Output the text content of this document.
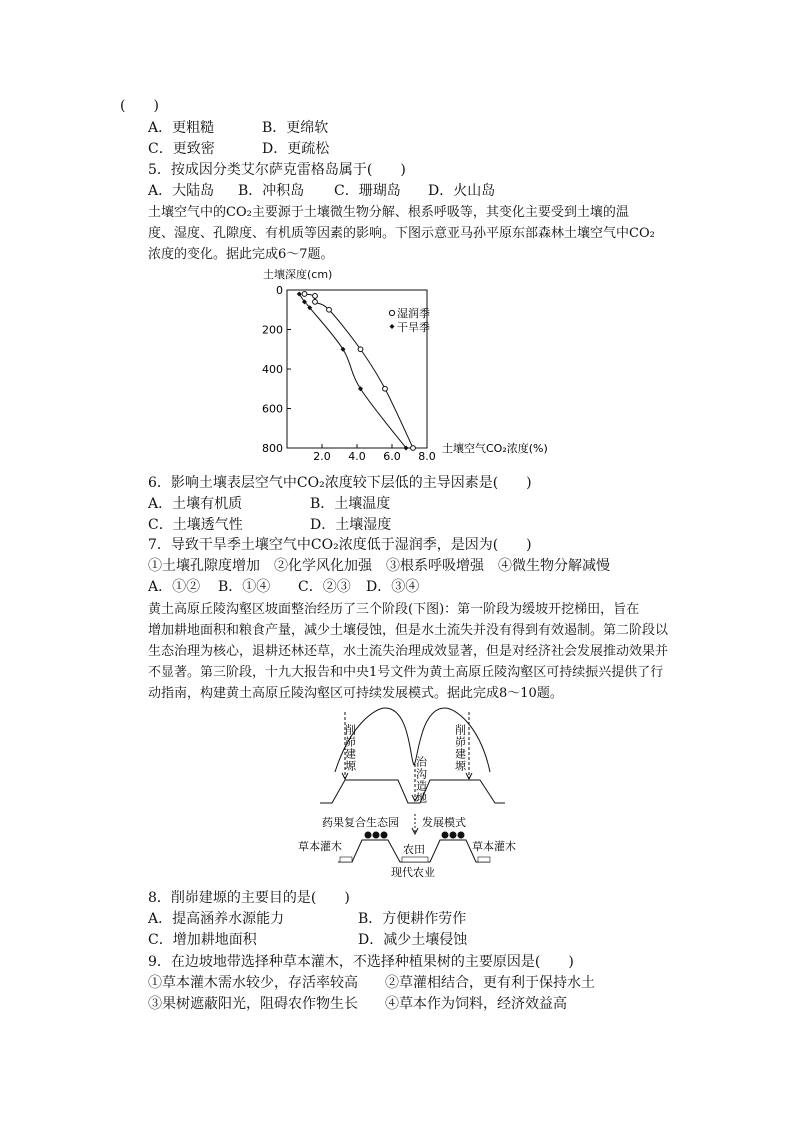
(　　)
A．更粗糙	B．更绵软
C．更致密	D．更疏松
5．按成因分类艾尔萨克雷格岛属于(　　)
A．大陆岛 B．冲积岛 C．珊瑚岛 D．火山岛
土壤空气中的CO₂主要源于土壤微生物分解、根系呼吸等，其变化主要受到土壤的温
度、湿度、孔隙度、有机质等因素的影响。下图示意亚马孙平原东部森林土壤空气中CO₂
浓度的变化。据此完成6～7题。
土壤深度(cm)
0
200
400
600
800
2.0 4.0 6.0 8.0
湿润季
干旱季
土壤空气CO₂浓度(%)
6．影响土壤表层空气中CO₂浓度较下层低的主导因素是(　　)
A．土壤有机质	B．土壤温度
C．土壤透气性	D．土壤湿度
7．导致干旱季土壤空气中CO₂浓度低于湿润季，是因为(　　)
①土壤孔隙度增加　②化学风化加强　③根系呼吸增强　④微生物分解减慢
A．①② B．①④ C．②③ D．③④
黄土高原丘陵沟壑区坡面整治经历了三个阶段(下图)：第一阶段为缓坡开挖梯田，旨在
增加耕地面积和粮食产量，减少土壤侵蚀，但是水土流失并没有得到有效遏制。第二阶段以
生态治理为核心，退耕还林还草，水土流失治理成效显著，但是对经济社会发展推动效果并
不显著。第三阶段，十九大报告和中央1号文件为黄土高原丘陵沟壑区可持续振兴提供了行
动指南，构建黄土高原丘陵沟壑区可持续发展模式。据此完成8～10题。
削峁建塬	削峁建塬
治沟造地
药果复合生态园 发展模式
草本灌木	草本灌木
农田
现代农业
8．削峁建塬的主要目的是(　　)
A．提高涵养水源能力	B．方便耕作劳作
C．增加耕地面积	D．减少土壤侵蚀
9．在边坡地带选择种草本灌木，不选择种植果树的主要原因是(　　)
①草本灌木需水较少，存活率较高 ②草灌相结合，更有利于保持水土
③果树遮蔽阳光，阻碍农作物生长 ④草本作为饲料，经济效益高
